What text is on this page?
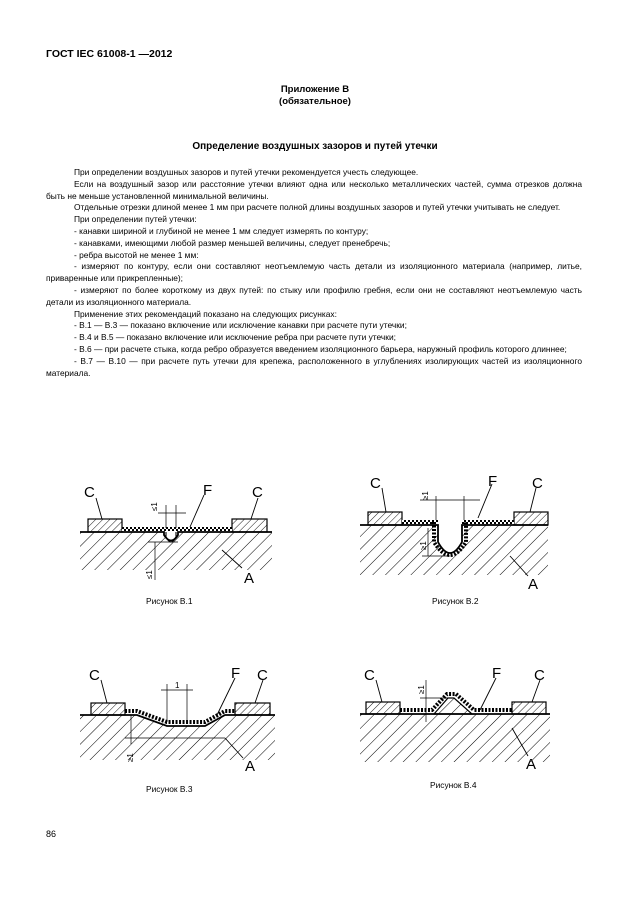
ГОСТ IEC 61008-1 —2012
Приложение В
(обязательное)
Определение воздушных зазоров и путей утечки

При определении воздушных зазоров и путей утечки рекомендуется учесть следующее.

Если на воздушный зазор или расстояние утечки влияют одна или несколько металлических частей, сумма отрезков должна быть не меньше установленной минимальной величины.

Отдельные отрезки длиной менее 1 мм при расчете полной длины воздушных зазоров и путей утечки учитывать не следует.

При определении путей утечки:

- канавки шириной и глубиной не менее 1 мм следует измерять по контуру;

- канавками, имеющими любой размер меньшей величины, следует пренебречь;

- ребра высотой не менее 1 мм:

- измеряют по контуру, если они составляют неотъемлемую часть детали из изоляционного материала (например, литье, приваренные или прикрепленные);

- измеряют по более короткому из двух путей: по стыку или профилю гребня, если они не составляют неотъемлемую часть детали из изоляционного материала.

Применение этих рекомендаций показано на следующих рисунках:

- В.1 — В.3 — показано включение или исключение канавки при расчете пути утечки;

- В.4 и В.5 — показано включение или исключение ребра при расчете пути утечки;

- В.6 — при расчете стыка, когда ребро образуется введением изоляционного барьера, наружный профиль которого длиннее;

- В.7 — В.10 — при расчете путь утечки для крепежа, расположенного в углублениях изолирующих частей из изоляционного материала.

C	C
F
A
≤1
≤1
Рисунок В.1
C	C
F
A
≥1
≥1
Рисунок В.2
C	C
F
A
1
≥1
Рисунок В.3
C	C
F
A
≥1
Рисунок В.4
86
